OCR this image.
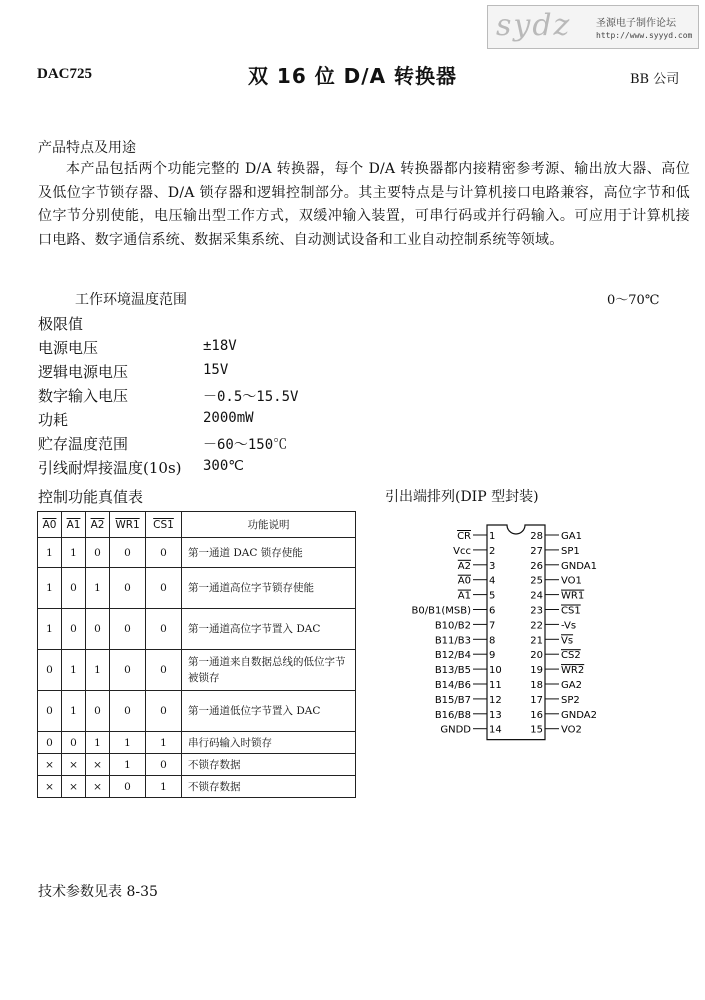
sydz 圣源电子制作论坛
http://www.syyyd.com
DAC725	双 16 位 D/A 转换器	BB 公司
产品特点及用途
本产品包括两个功能完整的 D/A 转换器，每个 D/A 转换器都内接精密参考源、输出放大器、高位及低位字节锁存器、D/A 锁存器和逻辑控制部分。其主要特点是与计算机接口电路兼容，高位字节和低位字节分别使能，电压输出型工作方式，双缓冲输入装置，可串行码或并行码输入。可应用于计算机接口电路、数字通信系统、数据采集系统、自动测试设备和工业自动控制系统等领域。
工作环境温度范围	0～70℃
极限值
电源电压	±18V
逻辑电源电压	15V
数字输入电压	－0.5～15.5V
功耗	2000mW
贮存温度范围	－60～150℃
引线耐焊接温度(10s) 300℃
控制功能真值表	引出端排列(DIP 型封装)
A0	A1	A2	WR1	CS1	功能说明
1	1	0	0	0	第一通道 DAC 锁存使能
1	0	1	0	0	第一通道高位字节锁存使能
1	0	0	0	0	第一通道高位字节置入 DAC
0	1	1	0	0	第一通道来自数据总线的低位字节被锁存
0	1	0	0	0	第一通道低位字节置入 DAC
0	0	1	1	1	串行码输入时锁存
×	×	×	1	0	不锁存数据
×	×	×	0	1	不锁存数据
1
CR
2
Vcc
3
A2
4
A0
5
A1
6
B0/B1(MSB)
7
B10/B2
8
B11/B3
9
B12/B4
10
B13/B5
11
B14/B6
12
B15/B7
13
B16/B8
14
GNDD
28 GA1
27 SP1
26 GNDA1
25 VO1
24 WR1
23 CS1
22 -Vs
21 Vs
20 CS2
19 WR2
18 GA2
17 SP2
16 GNDA2
15 VO2
技术参数见表 8-35
